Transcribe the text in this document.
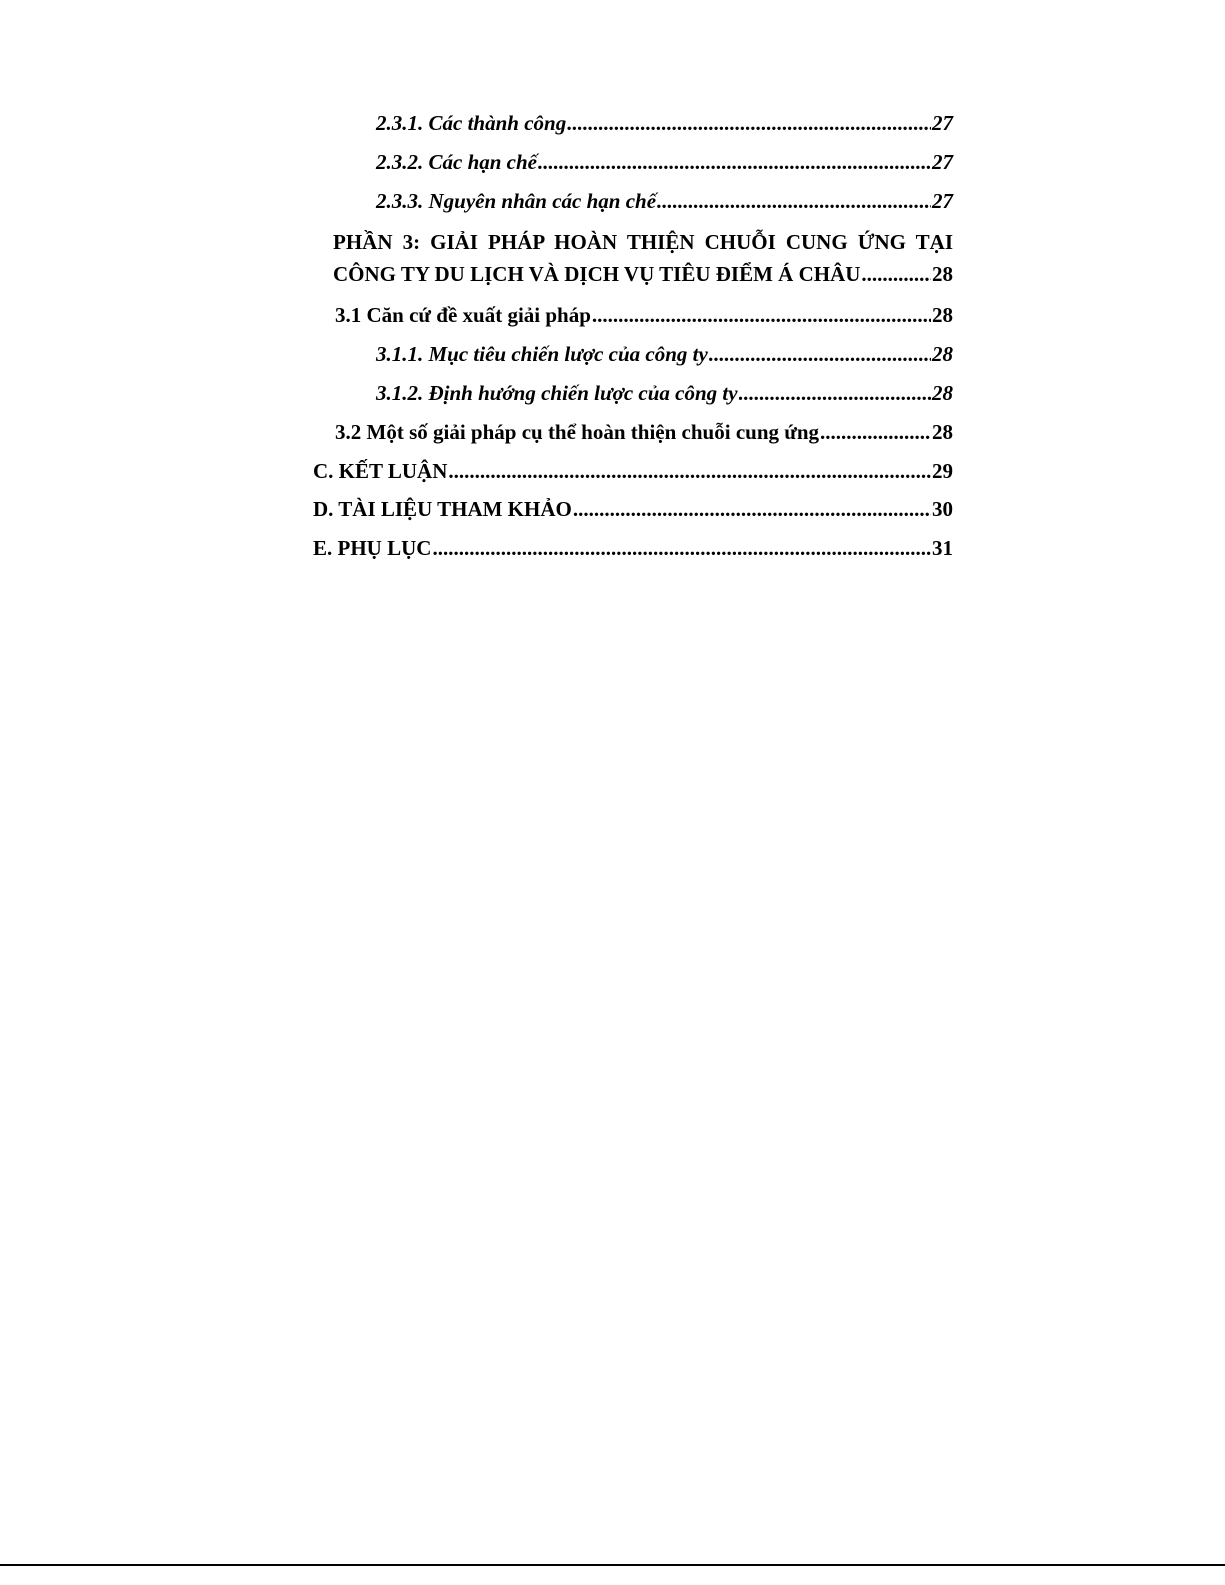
2.3.1. Các thành công .....	27
2.3.2. Các hạn chế .....	27
2.3.3. Nguyên nhân các hạn chế .....	27
PHẦN 3: GIẢI PHÁP HOÀN THIỆN CHUỖI CUNG ỨNG TẠI
CÔNG TY DU LỊCH VÀ DỊCH VỤ TIÊU ĐIỂM Á CHÂU .....	28
3.1 Căn cứ đề xuất giải pháp .....	28
3.1.1. Mục tiêu chiến lược của công ty .....	28
3.1.2. Định hướng chiến lược của công ty .....	28
3.2 Một số giải pháp cụ thể hoàn thiện chuỗi cung ứng .....	28
C. KẾT LUẬN .....	29
D. TÀI LIỆU THAM KHẢO .....	30
E. PHỤ LỤC .....	31
